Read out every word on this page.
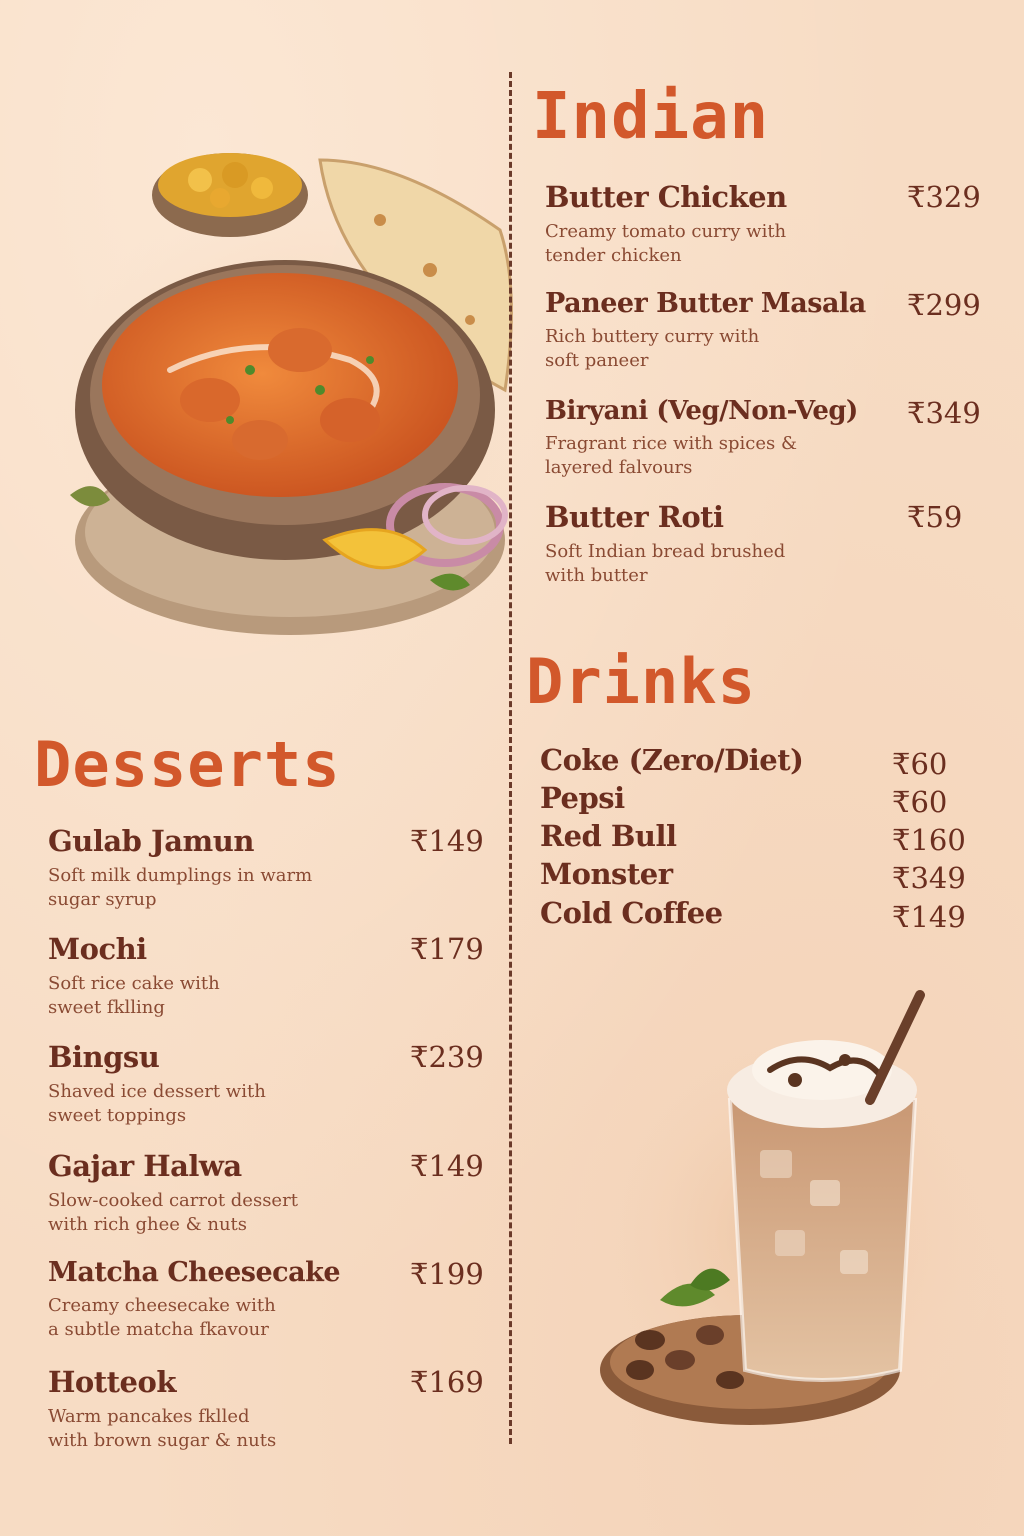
Indian
Butter Chicken	₹329
Creamy tomato curry with
tender chicken
Paneer Butter Masala	₹299
Rich buttery curry with
soft paneer
Biryani (Veg/Non-Veg)	₹349
Fragrant rice with spices &
layered falvours
Butter Roti	₹59
Soft Indian bread brushed
with butter
Drinks
Coke (Zero/Diet)	₹60
Pepsi	₹60
Red Bull	₹160
Monster	₹349
Cold Coffee	₹149
Desserts
Gulab Jamun	₹149
Soft milk dumplings in warm
sugar syrup
Mochi	₹179
Soft rice cake with
sweet fklling
Bingsu	₹239
Shaved ice dessert with
sweet toppings
Gajar Halwa	₹149
Slow-cooked carrot dessert
with rich ghee & nuts
Matcha Cheesecake	₹199
Creamy cheesecake with
a subtle matcha fkavour
Hotteok	₹169
Warm pancakes fklled
with brown sugar & nuts
